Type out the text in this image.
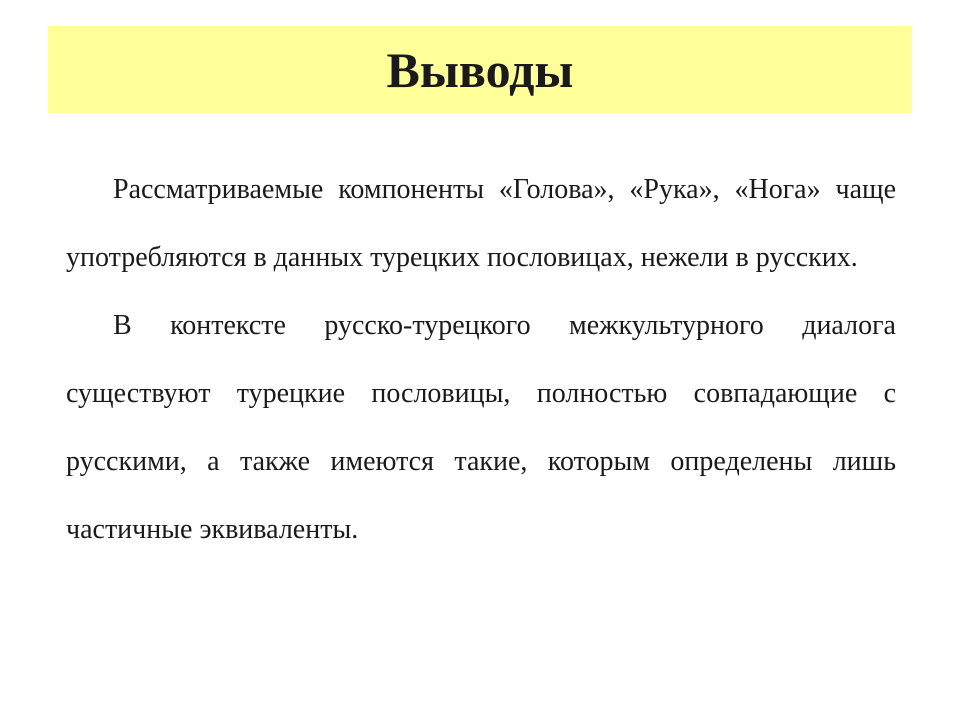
Выводы

Рассматриваемые компоненты «Голова», «Рука», «Нога» чаще употребляются в данных турецких пословицах, нежели в русских.

В контексте русско-турецкого межкультурного диалога существуют турецкие пословицы, полностью совпадающие с русскими, а также имеются такие, которым определены лишь частичные эквиваленты.
